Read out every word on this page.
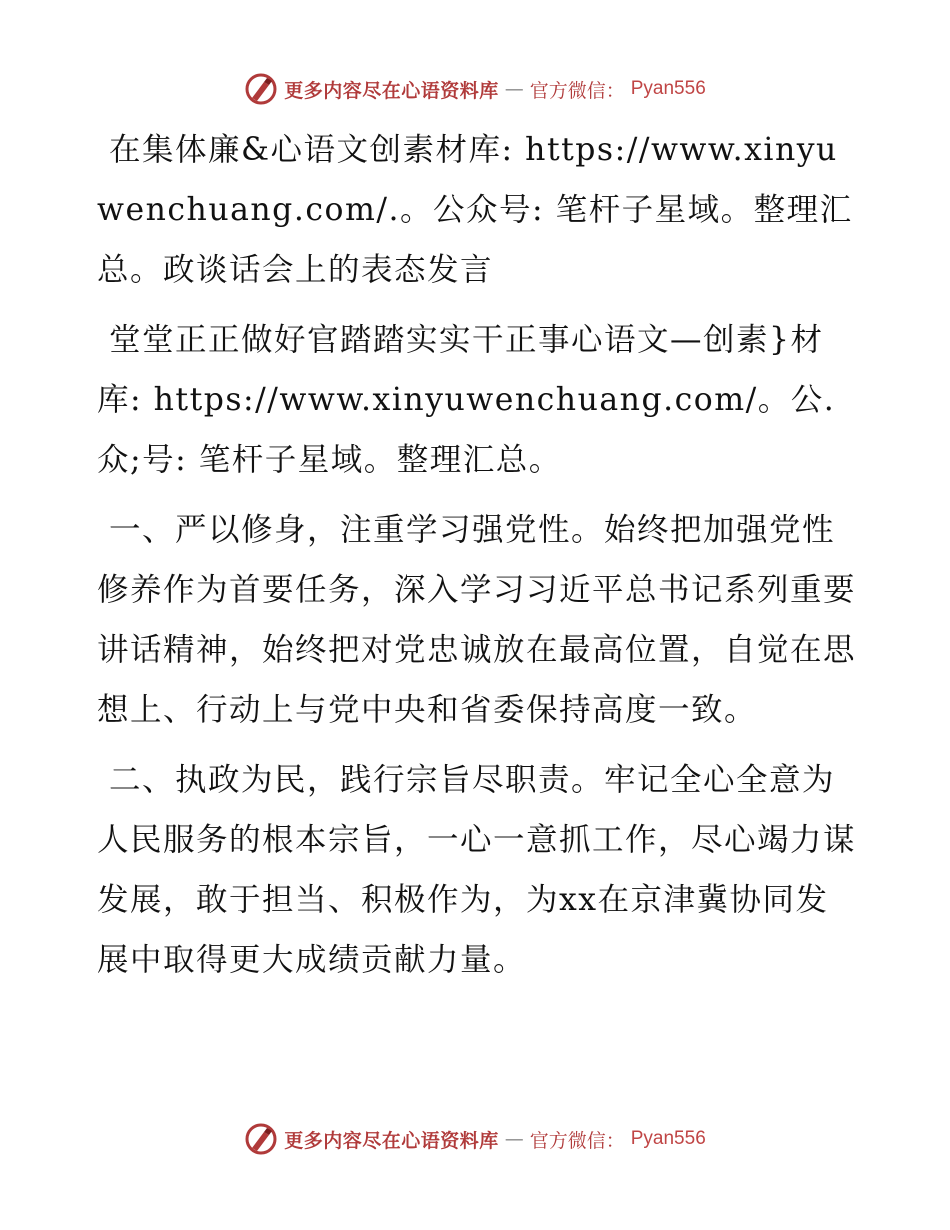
更多内容尽在心语资料库 — 官方微信： Pyan556

在集体廉&心语文创素材库: https://www.xinyuwenchuang.com/.。公众号: 笔杆子星域。整理汇总。政谈话会上的表态发言

堂堂正正做好官踏踏实实干正事心语文—创素}材库: https://www.xinyuwenchuang.com/。公.众;号: 笔杆子星域。整理汇总。

一、严以修身，注重学习强党性。始终把加强党性修养作为首要任务，深入学习习近平总书记系列重要讲话精神，始终把对党忠诚放在最高位置，自觉在思想上、行动上与党中央和省委保持高度一致。

二、执政为民，践行宗旨尽职责。牢记全心全意为人民服务的根本宗旨，一心一意抓工作，尽心竭力谋发展，敢于担当、积极作为，为xx在京津冀协同发展中取得更大成绩贡献力量。

更多内容尽在心语资料库 — 官方微信： Pyan556
